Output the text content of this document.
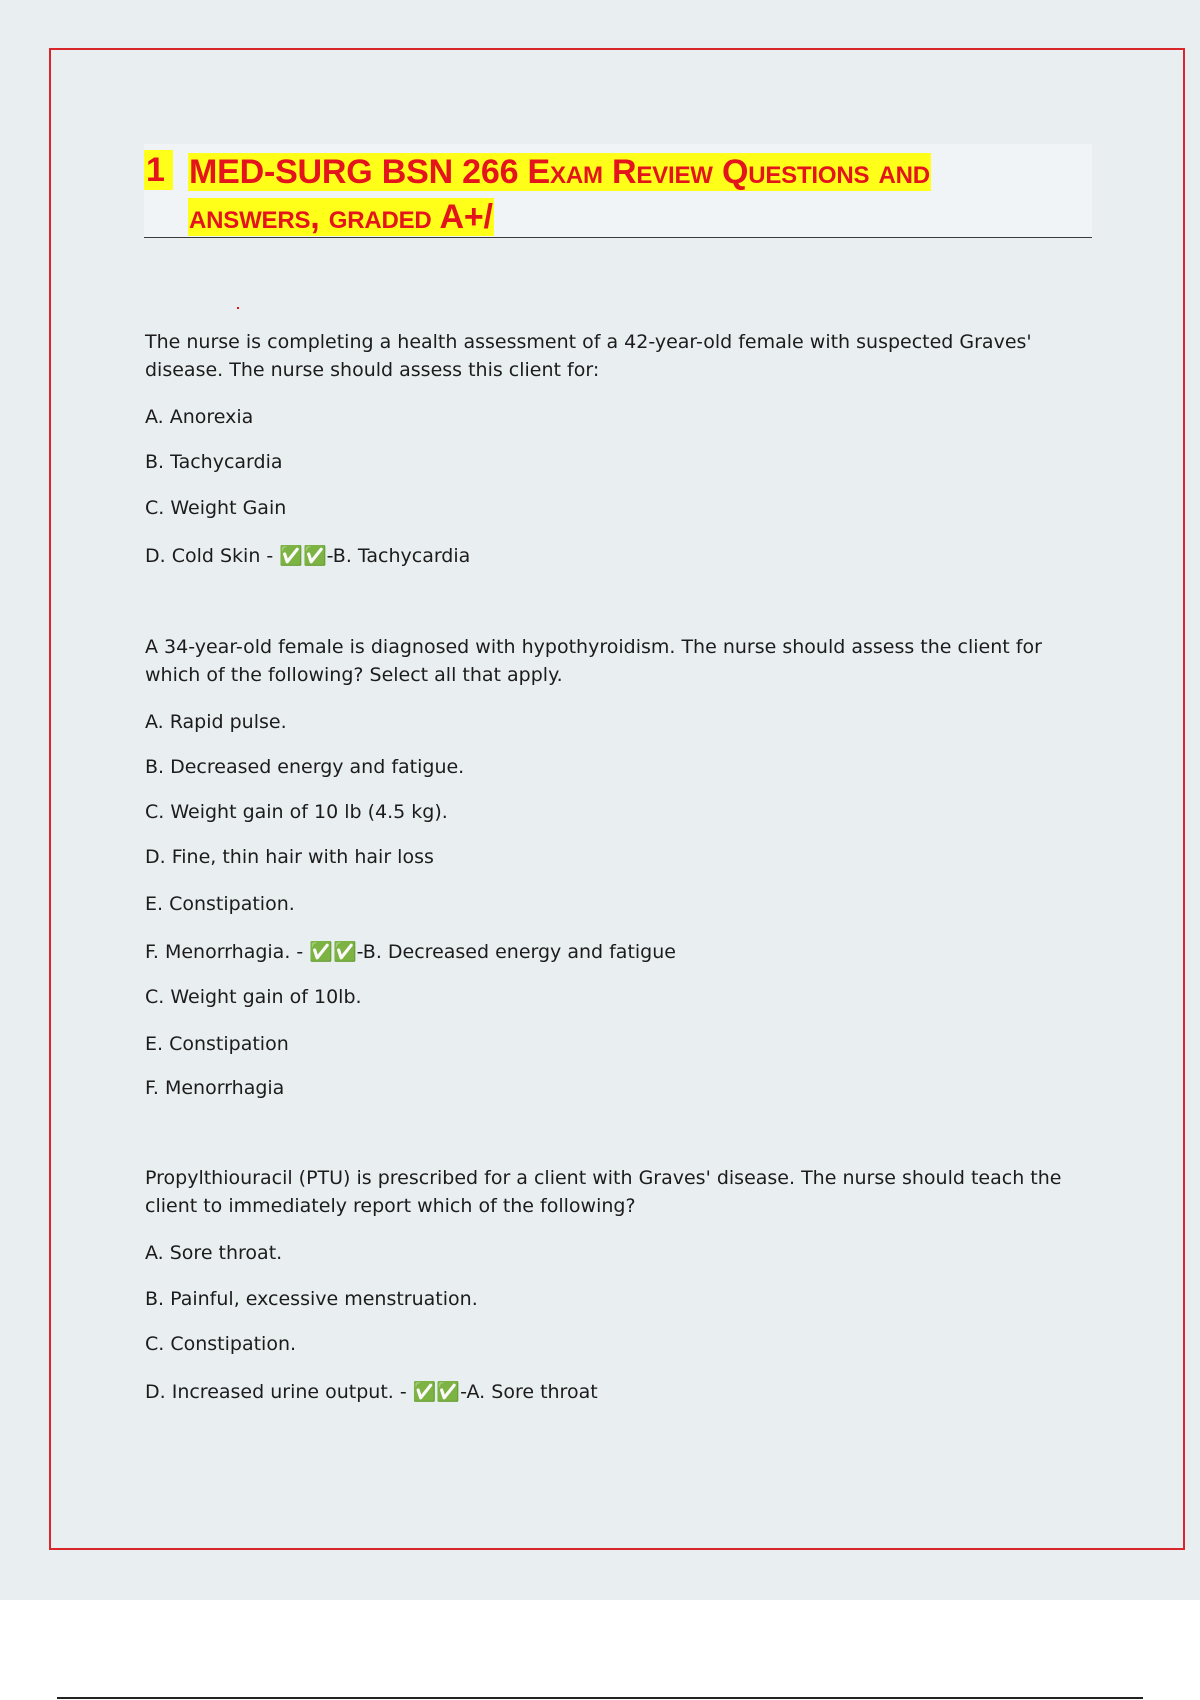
1 MED-SURG BSN 266 Exam Review Questions and answers, graded A+/
The nurse is completing a health assessment of a 42-year-old female with suspected Graves' disease. The nurse should assess this client for:
A. Anorexia
B. Tachycardia
C. Weight Gain
D. Cold Skin - ✅✅-B. Tachycardia
A 34-year-old female is diagnosed with hypothyroidism. The nurse should assess the client for which of the following? Select all that apply.
A. Rapid pulse.
B. Decreased energy and fatigue.
C. Weight gain of 10 lb (4.5 kg).
D. Fine, thin hair with hair loss
E. Constipation.
F. Menorrhagia. - ✅✅-B. Decreased energy and fatigue
C. Weight gain of 10lb.
E. Constipation
F. Menorrhagia
Propylthiouracil (PTU) is prescribed for a client with Graves' disease. The nurse should teach the client to immediately report which of the following?
A. Sore throat.
B. Painful, excessive menstruation.
C. Constipation.
D. Increased urine output. - ✅✅-A. Sore throat
